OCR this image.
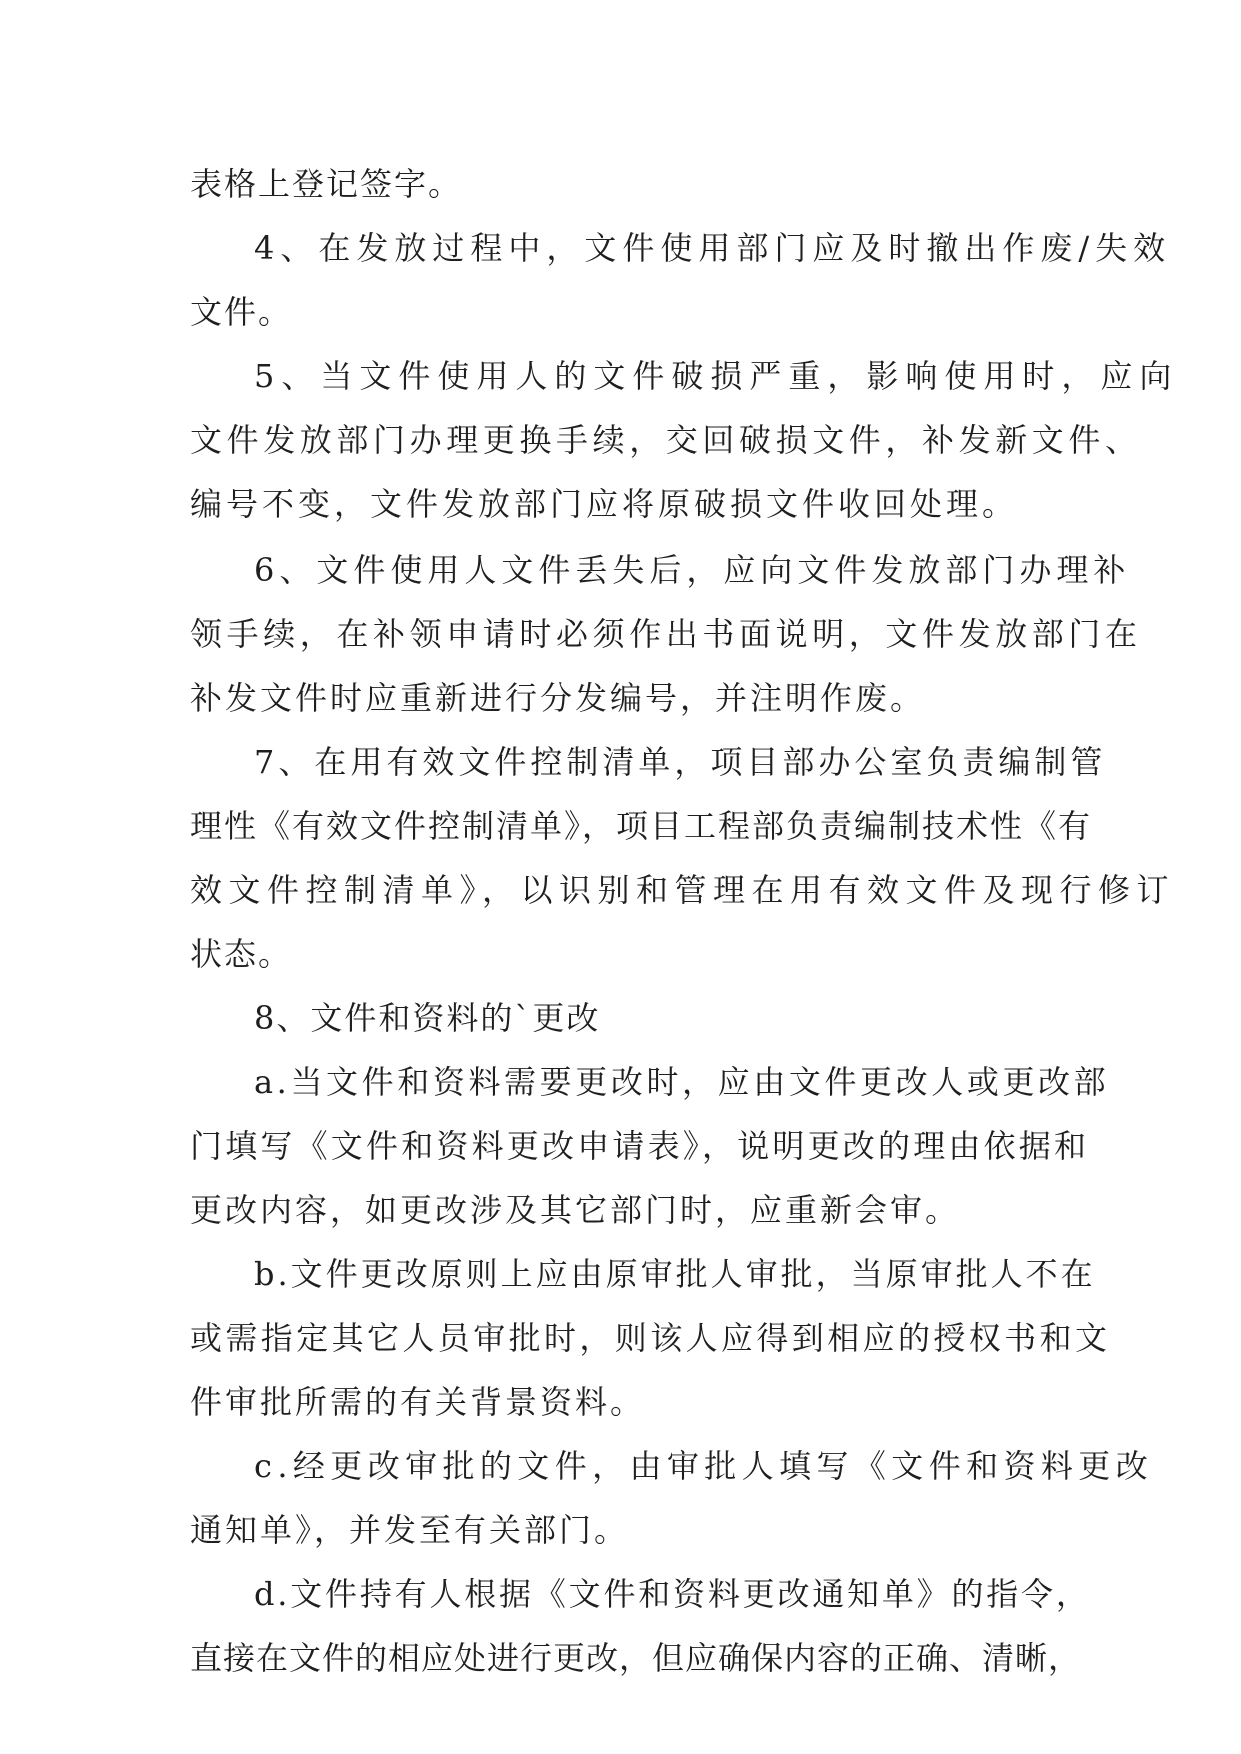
表格上登记签字。
4、在发放过程中，文件使用部门应及时撤出作废/失效
文件。
5、当文件使用人的文件破损严重，影响使用时，应向
文件发放部门办理更换手续，交回破损文件，补发新文件、
编号不变，文件发放部门应将原破损文件收回处理。
6、文件使用人文件丢失后，应向文件发放部门办理补
领手续，在补领申请时必须作出书面说明，文件发放部门在
补发文件时应重新进行分发编号，并注明作废。
7、在用有效文件控制清单，项目部办公室负责编制管
理性《有效文件控制清单》，项目工程部负责编制技术性《有
效文件控制清单》，以识别和管理在用有效文件及现行修订
状态。
8、文件和资料的`更改
a.当文件和资料需要更改时，应由文件更改人或更改部
门填写《文件和资料更改申请表》，说明更改的理由依据和
更改内容，如更改涉及其它部门时，应重新会审。
b.文件更改原则上应由原审批人审批，当原审批人不在
或需指定其它人员审批时，则该人应得到相应的授权书和文
件审批所需的有关背景资料。
c.经更改审批的文件，由审批人填写《文件和资料更改
通知单》，并发至有关部门。
d.文件持有人根据《文件和资料更改通知单》的指令，
直接在文件的相应处进行更改，但应确保内容的正确、清晰，
